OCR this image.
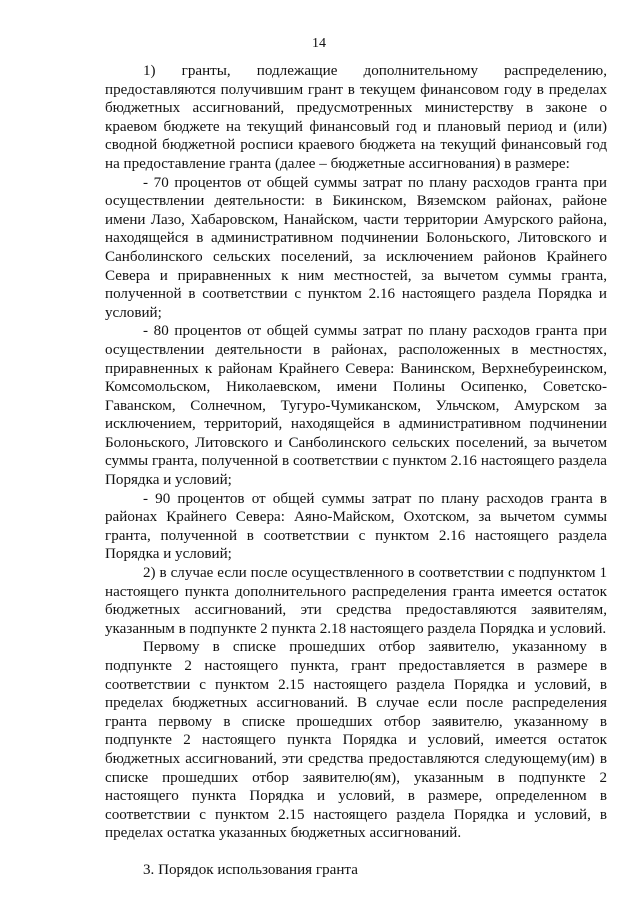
14

1) гранты, подлежащие дополнительному распределению, предоставляются получившим грант в текущем финансовом году в пределах бюджетных ассигнований, предусмотренных министерству в законе о краевом бюджете на текущий финансовый год и плановый период и (или) сводной бюджетной росписи краевого бюджета на текущий финансовый год на предоставление гранта (далее – бюджетные ассигнования) в размере:

- 70 процентов от общей суммы затрат по плану расходов гранта при осуществлении деятельности: в Бикинском, Вяземском районах, районе имени Лазо, Хабаровском, Нанайском, части территории Амурского района, находящейся в административном подчинении Болоньского, Литовского и Санболинского сельских поселений, за исключением районов Крайнего Севера и приравненных к ним местностей, за вычетом суммы гранта, полученной в соответствии с пунктом 2.16 настоящего раздела Порядка и условий;

- 80 процентов от общей суммы затрат по плану расходов гранта при осуществлении деятельности в районах, расположенных в местностях, приравненных к районам Крайнего Севера: Ванинском, Верхнебуреинском, Комсомольском, Николаевском, имени Полины Осипенко, Советско-Гаванском, Солнечном, Тугуро-Чумиканском, Ульчском, Амурском за исключением, территорий, находящейся в административном подчинении Болоньского, Литовского и Санболинского сельских поселений, за вычетом суммы гранта, полученной в соответствии с пунктом 2.16 настоящего раздела Порядка и условий;

- 90 процентов от общей суммы затрат по плану расходов гранта в районах Крайнего Севера: Аяно-Майском, Охотском, за вычетом суммы гранта, полученной в соответствии с пунктом 2.16 настоящего раздела Порядка и условий;

2) в случае если после осуществленного в соответствии с подпунктом 1 настоящего пункта дополнительного распределения гранта имеется остаток бюджетных ассигнований, эти средства предоставляются заявителям, указанным в подпункте 2 пункта 2.18 настоящего раздела Порядка и условий.

Первому в списке прошедших отбор заявителю, указанному в подпункте 2 настоящего пункта, грант предоставляется в размере в соответствии с пунктом 2.15 настоящего раздела Порядка и условий, в пределах бюджетных ассигнований. В случае если после распределения гранта первому в списке прошедших отбор заявителю, указанному в подпункте 2 настоящего пункта Порядка и условий, имеется остаток бюджетных ассигнований, эти средства предоставляются следующему(им) в списке прошедших отбор заявителю(ям), указанным в подпункте 2 настоящего пункта Порядка и условий, в размере, определенном в соответствии с пунктом 2.15 настоящего раздела Порядка и условий, в пределах остатка указанных бюджетных ассигнований.

3. Порядок использования гранта
